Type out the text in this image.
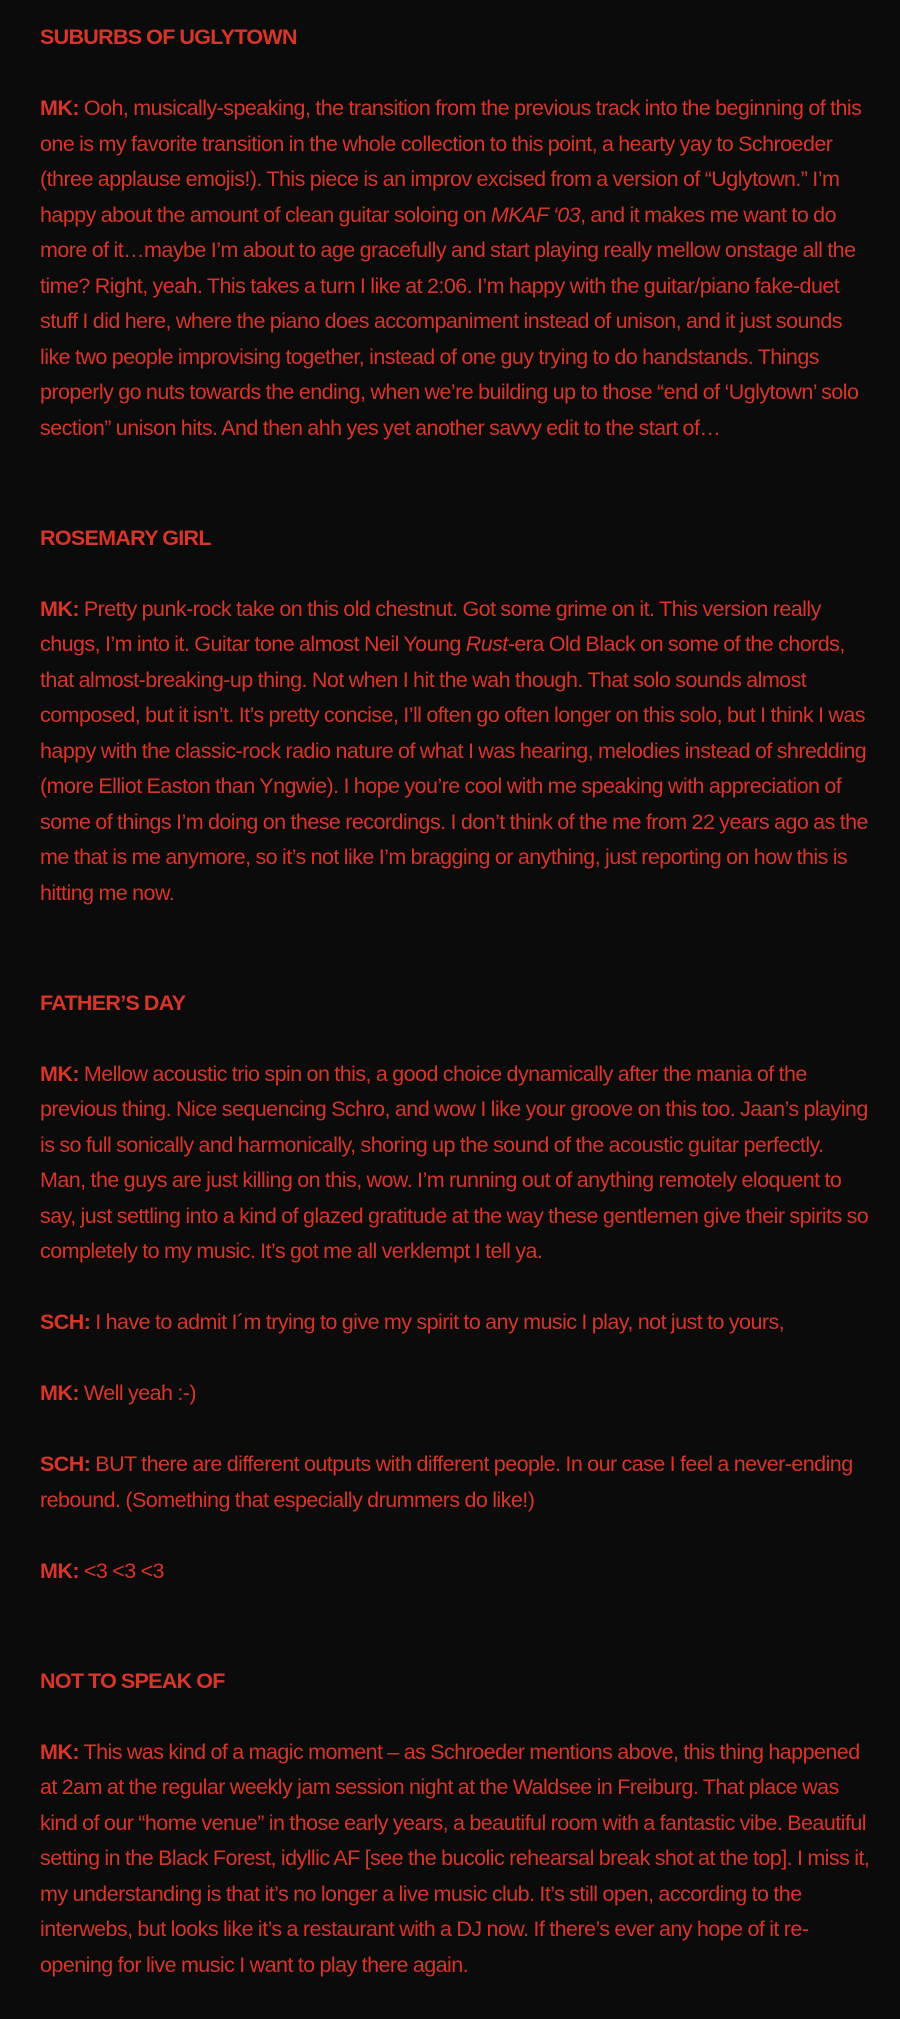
SUBURBS OF UGLYTOWN
MK: Ooh, musically-speaking, the transition from the previous track into the beginning of this one is my favorite transition in the whole collection to this point, a hearty yay to Schroeder (three applause emojis!). This piece is an improv excised from a version of “Uglytown.” I’m happy about the amount of clean guitar soloing on MKAF ‘03, and it makes me want to do more of it…maybe I’m about to age gracefully and start playing really mellow onstage all the time? Right, yeah. This takes a turn I like at 2:06. I’m happy with the guitar/piano fake-duet stuff I did here, where the piano does accompaniment instead of unison, and it just sounds like two people improvising together, instead of one guy trying to do handstands. Things properly go nuts towards the ending, when we’re building up to those “end of ‘Uglytown’ solo section” unison hits. And then ahh yes yet another savvy edit to the start of…
ROSEMARY GIRL
MK: Pretty punk-rock take on this old chestnut. Got some grime on it. This version really chugs, I’m into it. Guitar tone almost Neil Young Rust-era Old Black on some of the chords, that almost-breaking-up thing. Not when I hit the wah though. That solo sounds almost composed, but it isn’t. It’s pretty concise, I’ll often go often longer on this solo, but I think I was happy with the classic-rock radio nature of what I was hearing, melodies instead of shredding (more Elliot Easton than Yngwie). I hope you’re cool with me speaking with appreciation of some of things I’m doing on these recordings. I don’t think of the me from 22 years ago as the me that is me anymore, so it’s not like I’m bragging or anything, just reporting on how this is hitting me now.
FATHER’S DAY
MK: Mellow acoustic trio spin on this, a good choice dynamically after the mania of the previous thing. Nice sequencing Schro, and wow I like your groove on this too. Jaan’s playing is so full sonically and harmonically, shoring up the sound of the acoustic guitar perfectly. Man, the guys are just killing on this, wow. I’m running out of anything remotely eloquent to say, just settling into a kind of glazed gratitude at the way these gentlemen give their spirits so completely to my music. It’s got me all verklempt I tell ya.
SCH: I have to admit I´m trying to give my spirit to any music I play, not just to yours,
MK: Well yeah :-)
SCH: BUT there are different outputs with different people. In our case I feel a never-ending rebound. (Something that especially drummers do like!)
MK: <3 <3 <3
NOT TO SPEAK OF
MK: This was kind of a magic moment – as Schroeder mentions above, this thing happened at 2am at the regular weekly jam session night at the Waldsee in Freiburg. That place was kind of our “home venue” in those early years, a beautiful room with a fantastic vibe. Beautiful setting in the Black Forest, idyllic AF [see the bucolic rehearsal break shot at the top]. I miss it, my understanding is that it’s no longer a live music club. It’s still open, according to the interwebs, but looks like it’s a restaurant with a DJ now. If there’s ever any hope of it re-opening for live music I want to play there again.
